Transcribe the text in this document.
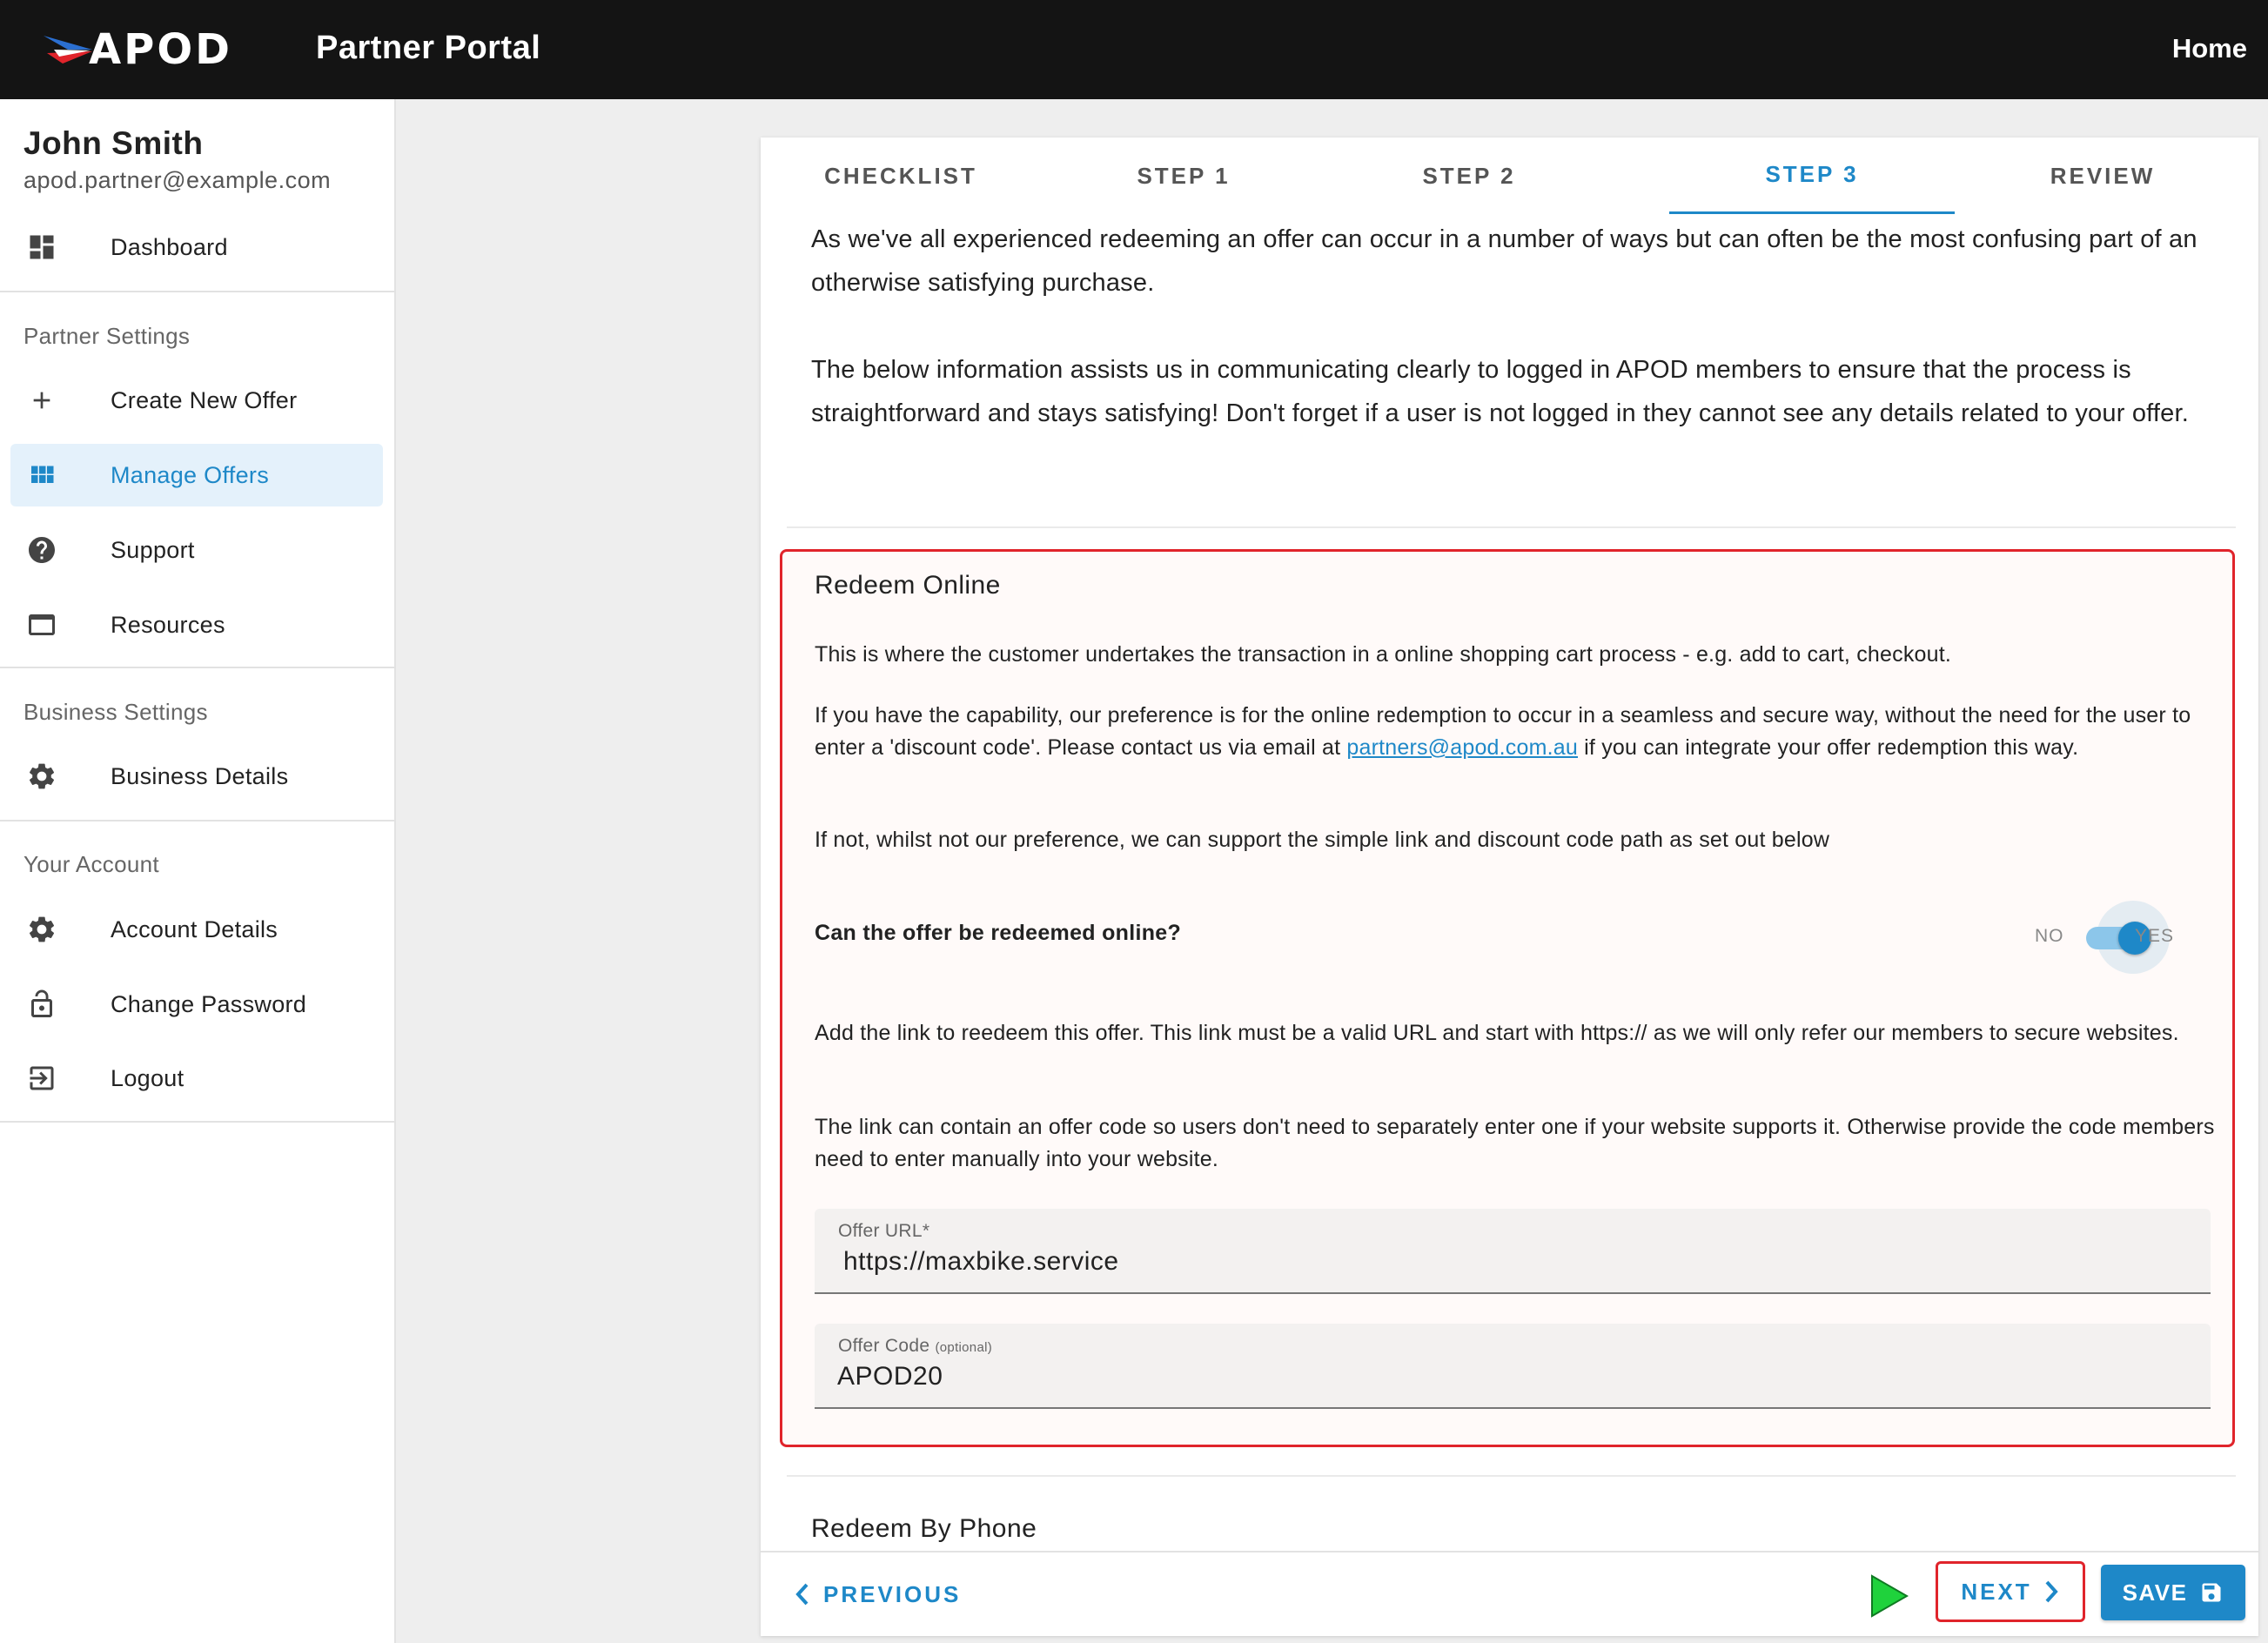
APOD	Partner Portal	Home
John Smith
apod.partner@example.com
Dashboard
Partner Settings
Create New Offer
Manage Offers
Support
Resources
Business Settings
Business Details
Your Account
Account Details
Change Password
Logout
CHECKLIST	STEP 1	STEP 2	STEP 3	REVIEW

As we've all experienced redeeming an offer can occur in a number of ways but can often be the most confusing part of an otherwise satisfying purchase.

The below information assists us in communicating clearly to logged in APOD members to ensure that the process is straightforward and stays satisfying! Don't forget if a user is not logged in they cannot see any details related to your offer.

Redeem Online
This is where the customer undertakes the transaction in a online shopping cart process - e.g. add to cart, checkout.
If you have the capability, our preference is for the online redemption to occur in a seamless and secure way, without the need for the user to enter a 'discount code'. Please contact us via email at partners@apod.com.au if you can integrate your offer redemption this way.
If not, whilst not our preference, we can support the simple link and discount code path as set out below
Can the offer be redeemed online?	NO	YES
Add the link to reedeem this offer. This link must be a valid URL and start with https:// as we will only refer our members to secure websites.
The link can contain an offer code so users don't need to separately enter one if your website supports it. Otherwise provide the code members need to enter manually into your website.
Offer URL*
https://maxbike.service
Offer Code (optional)
APOD20
Redeem By Phone
PREVIOUS	NEXT	SAVE
